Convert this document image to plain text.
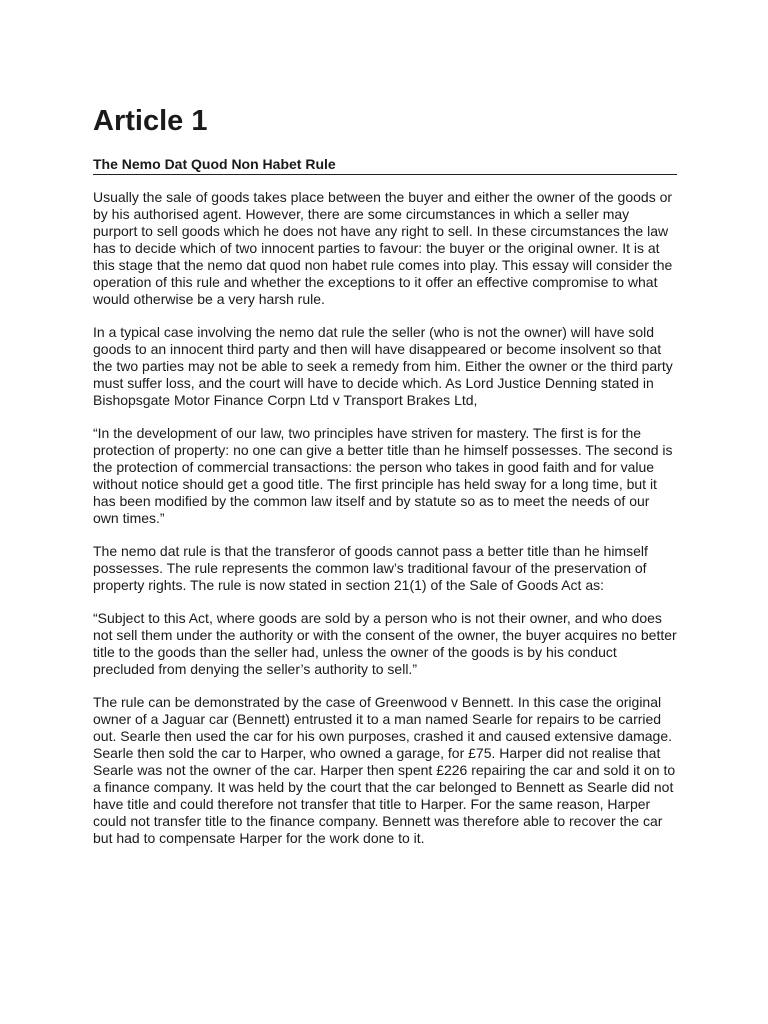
Article 1
The Nemo Dat Quod Non Habet Rule

Usually the sale of goods takes place between the buyer and either the owner of the goods or by his authorised agent. However, there are some circumstances in which a seller may purport to sell goods which he does not have any right to sell. In these circumstances the law has to decide which of two innocent parties to favour: the buyer or the original owner. It is at this stage that the nemo dat quod non habet rule comes into play. This essay will consider the operation of this rule and whether the exceptions to it offer an effective compromise to what would otherwise be a very harsh rule.

In a typical case involving the nemo dat rule the seller (who is not the owner) will have sold goods to an innocent third party and then will have disappeared or become insolvent so that the two parties may not be able to seek a remedy from him. Either the owner or the third party must suffer loss, and the court will have to decide which. As Lord Justice Denning stated in Bishopsgate Motor Finance Corpn Ltd v Transport Brakes Ltd,

“In the development of our law, two principles have striven for mastery. The first is for the protection of property: no one can give a better title than he himself possesses. The second is the protection of commercial transactions: the person who takes in good faith and for value without notice should get a good title. The first principle has held sway for a long time, but it has been modified by the common law itself and by statute so as to meet the needs of our own times.”

The nemo dat rule is that the transferor of goods cannot pass a better title than he himself possesses. The rule represents the common law’s traditional favour of the preservation of property rights. The rule is now stated in section 21(1) of the Sale of Goods Act as:

“Subject to this Act, where goods are sold by a person who is not their owner, and who does not sell them under the authority or with the consent of the owner, the buyer acquires no better title to the goods than the seller had, unless the owner of the goods is by his conduct precluded from denying the seller’s authority to sell.”

The rule can be demonstrated by the case of Greenwood v Bennett. In this case the original owner of a Jaguar car (Bennett) entrusted it to a man named Searle for repairs to be carried out. Searle then used the car for his own purposes, crashed it and caused extensive damage. Searle then sold the car to Harper, who owned a garage, for £75. Harper did not realise that Searle was not the owner of the car. Harper then spent £226 repairing the car and sold it on to a finance company. It was held by the court that the car belonged to Bennett as Searle did not have title and could therefore not transfer that title to Harper. For the same reason, Harper could not transfer title to the finance company. Bennett was therefore able to recover the car but had to compensate Harper for the work done to it.
